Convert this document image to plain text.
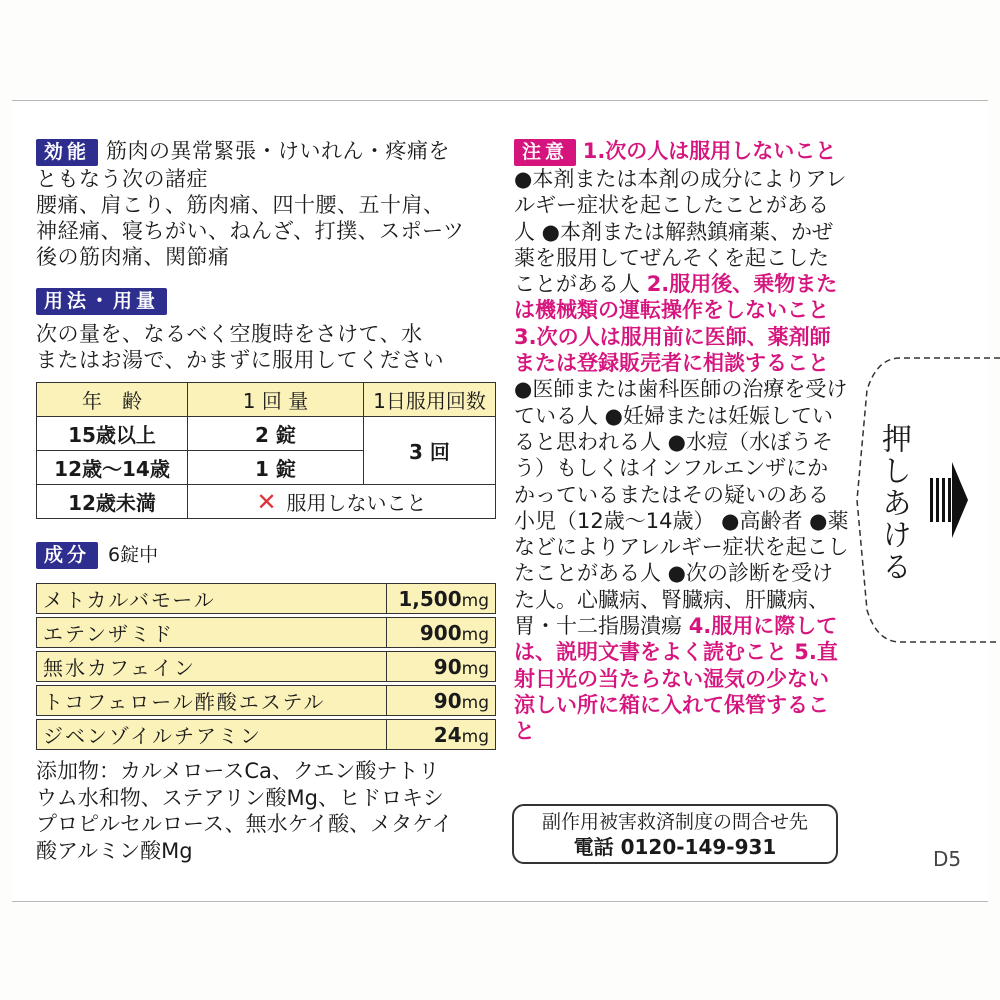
効能 筋肉の異常緊張・けいれん・疼痛を
ともなう次の諸症
腰痛、肩こり、筋肉痛、四十腰、五十肩、
神経痛、寝ちがい、ねんざ、打撲、スポーツ
後の筋肉痛、関節痛
用法・用量
次の量を、なるべく空腹時をさけて、水
またはお湯で、かまずに服用してください
年　齢	1 回 量	1日服用回数
15歳以上	2 錠	3 回
12歳〜14歳	1 錠	
12歳未満	✕ 服用しないこと	
成分 6錠中
メトカルバモール	1,500mg
エテンザミド	900mg
無水カフェイン	90mg
トコフェロール酢酸エステル	90mg
ジベンゾイルチアミン	24mg
添加物：カルメロースCa、クエン酸ナトリ
ウム水和物、ステアリン酸Mg、ヒドロキシ
プロピルセルロース、無水ケイ酸、メタケイ
酸アルミン酸Mg
注意 1.次の人は服用しないこと ●本剤または本剤の成分によりアレルギー症状を起こしたことがある人 ●本剤または解熱鎮痛薬、かぜ薬を服用してぜんそくを起こしたことがある人 2.服用後、乗物または機械類の運転操作をしないこと3.次の人は服用前に医師、薬剤師または登録販売者に相談すること ●医師または歯科医師の治療を受けている人 ●妊婦または妊娠していると思われる人 ●水痘（水ぼうそう）もしくはインフルエンザにかかっているまたはその疑いのある小児（12歳〜14歳） ●高齢者 ●薬などによりアレルギー症状を起こしたことがある人 ●次の診断を受けた人。心臓病、腎臓病、肝臓病、胃・十二指腸潰瘍 4.服用に際しては、説明文書をよく読むこと 5.直射日光の当たらない湿気の少ない涼しい所に箱に入れて保管すること
副作用被害救済制度の問合せ先
電話 0120-149-931	D5
押しあける
